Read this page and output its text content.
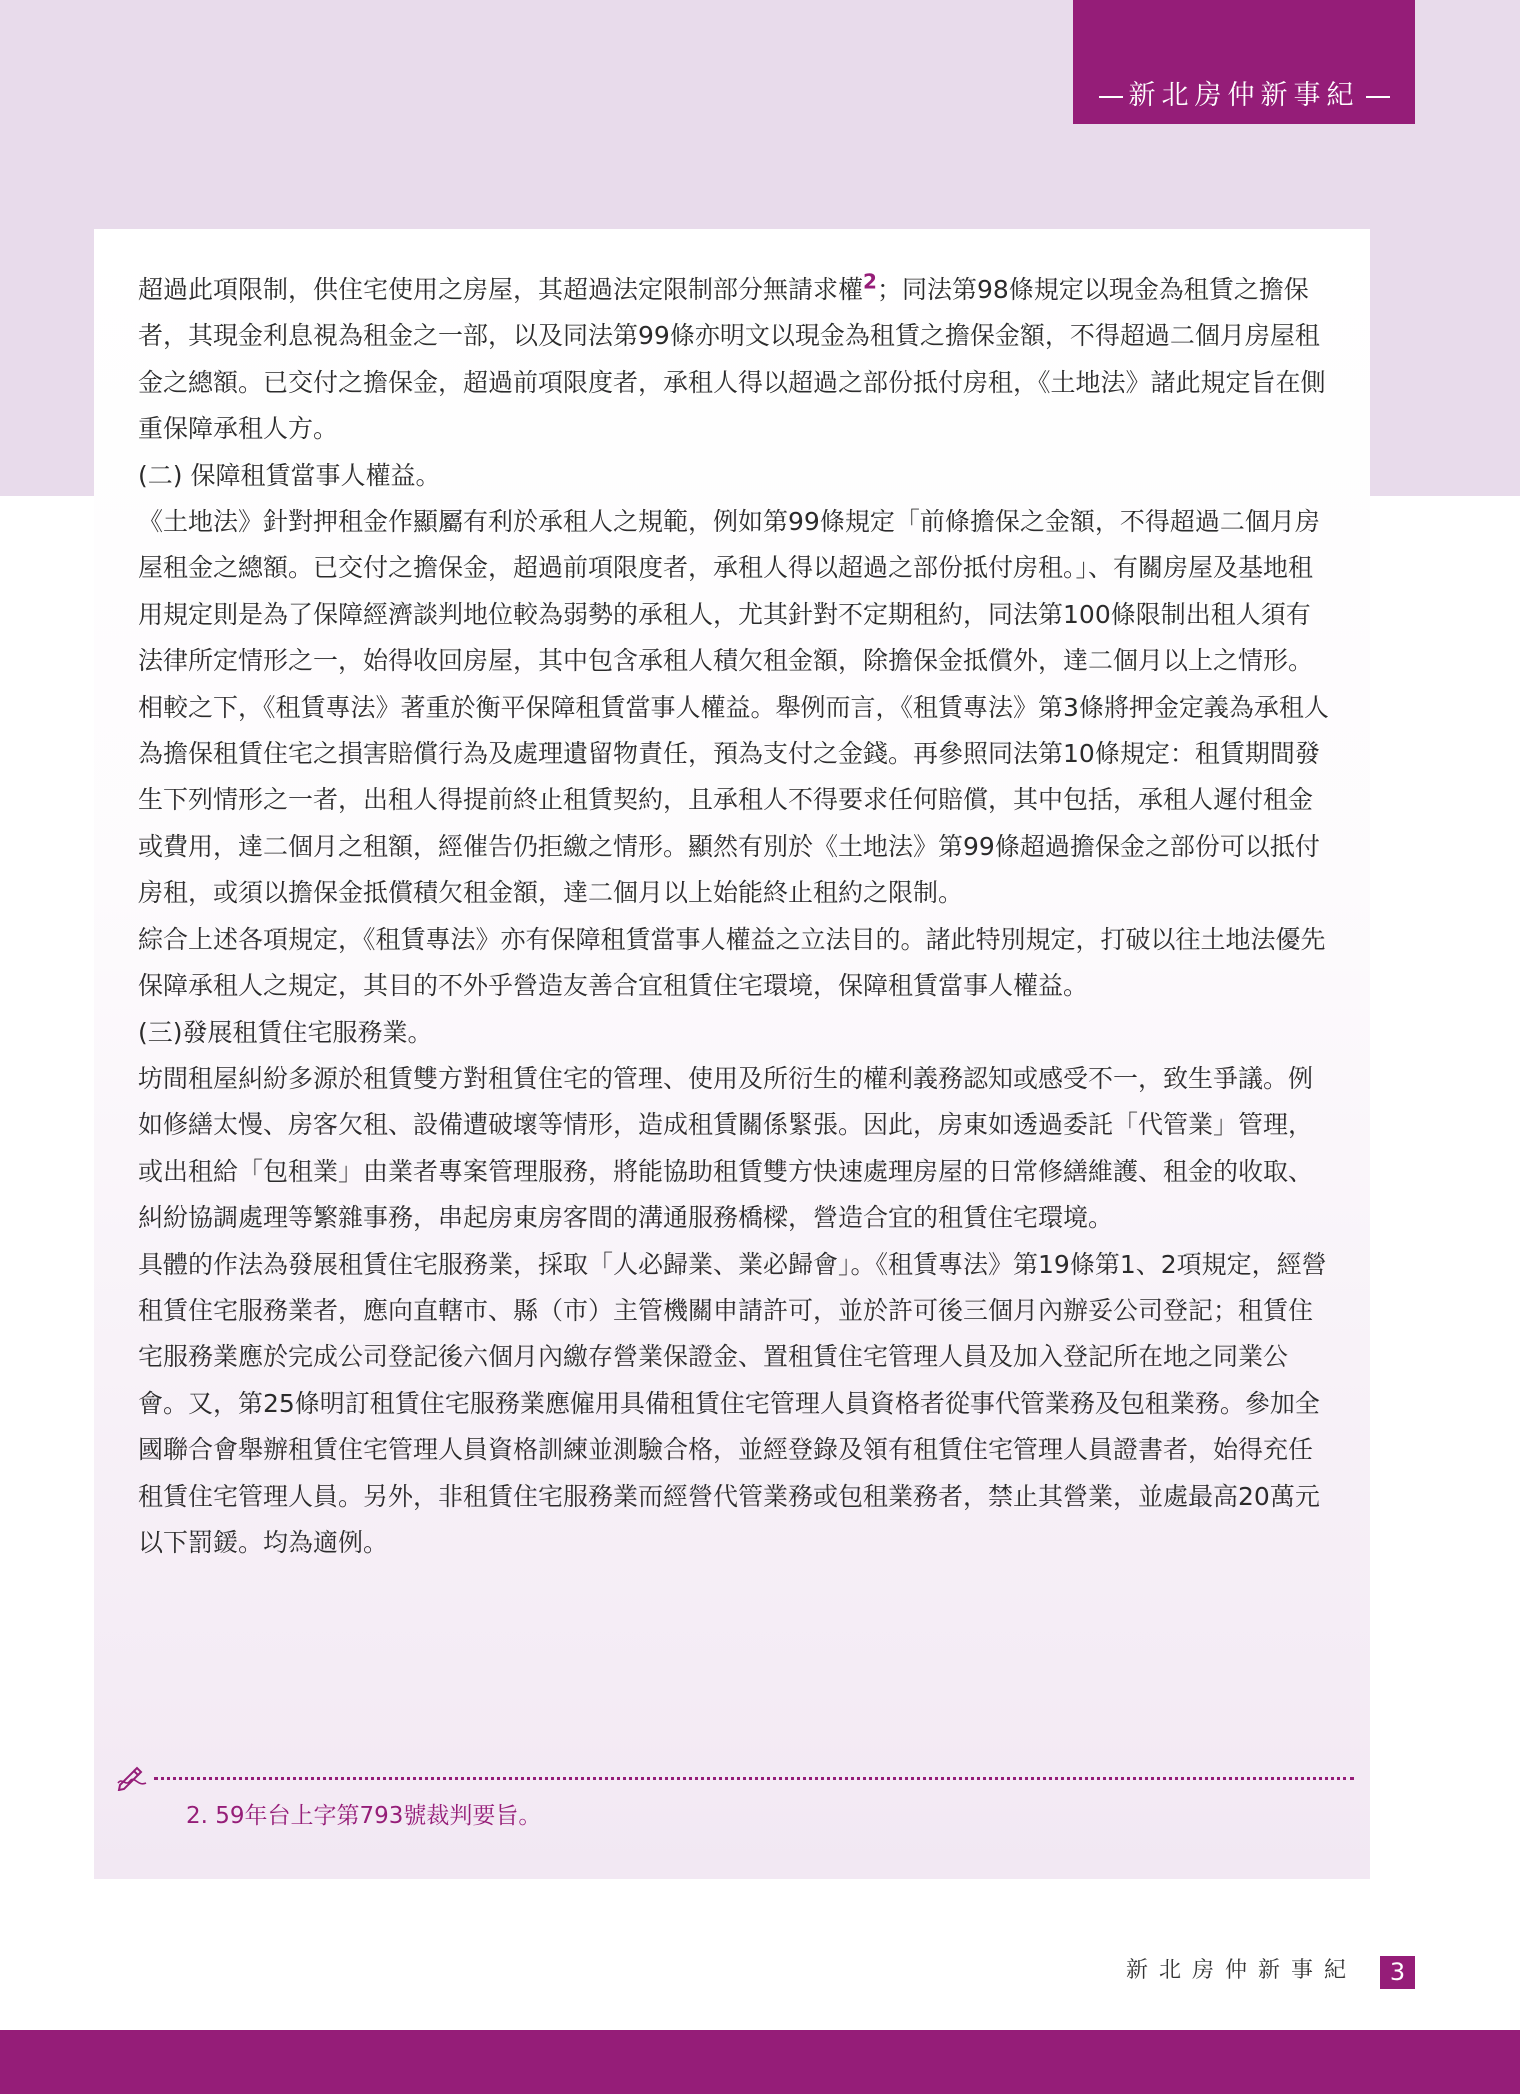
新北房仲新事紀

超過此項限制，供住宅使用之房屋，其超過法定限制部分無請求權$^2$；同法第98條規定以現金為租賃之擔保者，其現金利息視為租金之一部，以及同法第99條亦明文以現金為租賃之擔保金額，不得超過二個月房屋租金之總額。已交付之擔保金，超過前項限度者，承租人得以超過之部份抵付房租，《土地法》諸此規定旨在側重保障承租人方。

(二) 保障租賃當事人權益。

《土地法》針對押租金作顯屬有利於承租人之規範，例如第99條規定「前條擔保之金額，不得超過二個月房屋租金之總額。已交付之擔保金，超過前項限度者，承租人得以超過之部份抵付房租。」、有關房屋及基地租用規定則是為了保障經濟談判地位較為弱勢的承租人，尤其針對不定期租約，同法第100條限制出租人須有法律所定情形之一，始得收回房屋，其中包含承租人積欠租金額，除擔保金抵償外，達二個月以上之情形。相較之下，《租賃專法》著重於衡平保障租賃當事人權益。舉例而言，《租賃專法》第3條將押金定義為承租人為擔保租賃住宅之損害賠償行為及處理遺留物責任，預為支付之金錢。再參照同法第10條規定：租賃期間發生下列情形之一者，出租人得提前終止租賃契約，且承租人不得要求任何賠償，其中包括，承租人遲付租金或費用，達二個月之租額，經催告仍拒繳之情形。顯然有別於《土地法》第99條超過擔保金之部份可以抵付房租，或須以擔保金抵償積欠租金額，達二個月以上始能終止租約之限制。

綜合上述各項規定，《租賃專法》亦有保障租賃當事人權益之立法目的。諸此特別規定，打破以往土地法優先保障承租人之規定，其目的不外乎營造友善合宜租賃住宅環境，保障租賃當事人權益。

(三)發展租賃住宅服務業。

坊間租屋糾紛多源於租賃雙方對租賃住宅的管理、使用及所衍生的權利義務認知或感受不一，致生爭議。例如修繕太慢、房客欠租、設備遭破壞等情形，造成租賃關係緊張。因此，房東如透過委託「代管業」管理，或出租給「包租業」由業者專案管理服務，將能協助租賃雙方快速處理房屋的日常修繕維護、租金的收取、糾紛協調處理等繁雜事務，串起房東房客間的溝通服務橋樑，營造合宜的租賃住宅環境。

具體的作法為發展租賃住宅服務業，採取「人必歸業、業必歸會」。《租賃專法》第19條第1、2項規定，經營租賃住宅服務業者，應向直轄市、縣（市）主管機關申請許可，並於許可後三個月內辦妥公司登記；租賃住宅服務業應於完成公司登記後六個月內繳存營業保證金、置租賃住宅管理人員及加入登記所在地之同業公會。又，第25條明訂租賃住宅服務業應僱用具備租賃住宅管理人員資格者從事代管業務及包租業務。參加全國聯合會舉辦租賃住宅管理人員資格訓練並測驗合格，並經登錄及領有租賃住宅管理人員證書者，始得充任租賃住宅管理人員。另外，非租賃住宅服務業而經營代管業務或包租業務者，禁止其營業，並處最高20萬元以下罰鍰。均為適例。

2. 59年台上字第793號裁判要旨。
新北房仲新事紀	3
